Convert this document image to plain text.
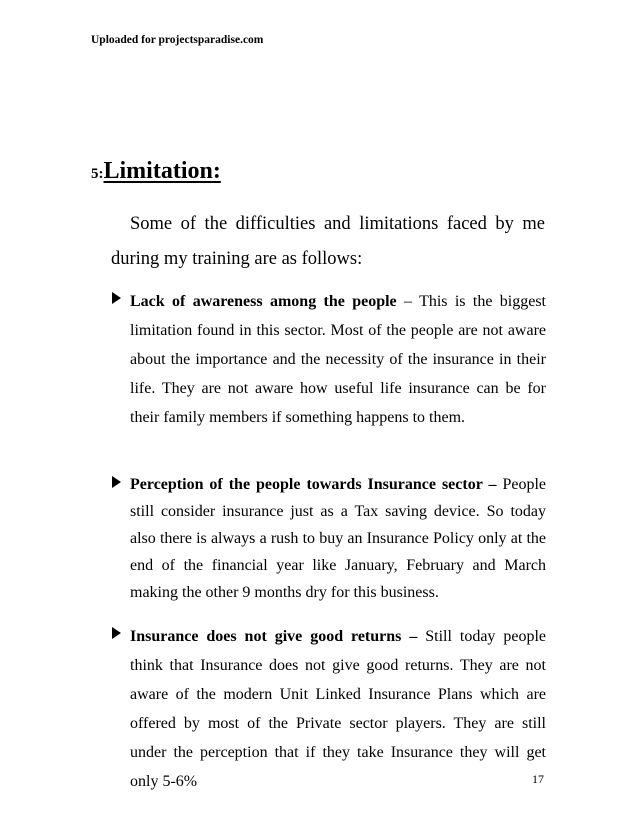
Uploaded for projectsparadise.com
5:Limitation:

Some of the difficulties and limitations faced by me during my training are as follows:

Lack of awareness among the people – This is the biggest limitation found in this sector. Most of the people are not aware about the importance and the necessity of the insurance in their life. They are not aware how useful life insurance can be for their family members if something happens to them.

Perception of the people towards Insurance sector – People still consider insurance just as a Tax saving device. So today also there is always a rush to buy an Insurance Policy only at the end of the financial year like January, February and March making the other 9 months dry for this business.

Insurance does not give good returns – Still today people think that Insurance does not give good returns. They are not aware of the modern Unit Linked Insurance Plans which are offered by most of the Private sector players. They are still under the perception that if they take Insurance they will get only 5-6%	17
